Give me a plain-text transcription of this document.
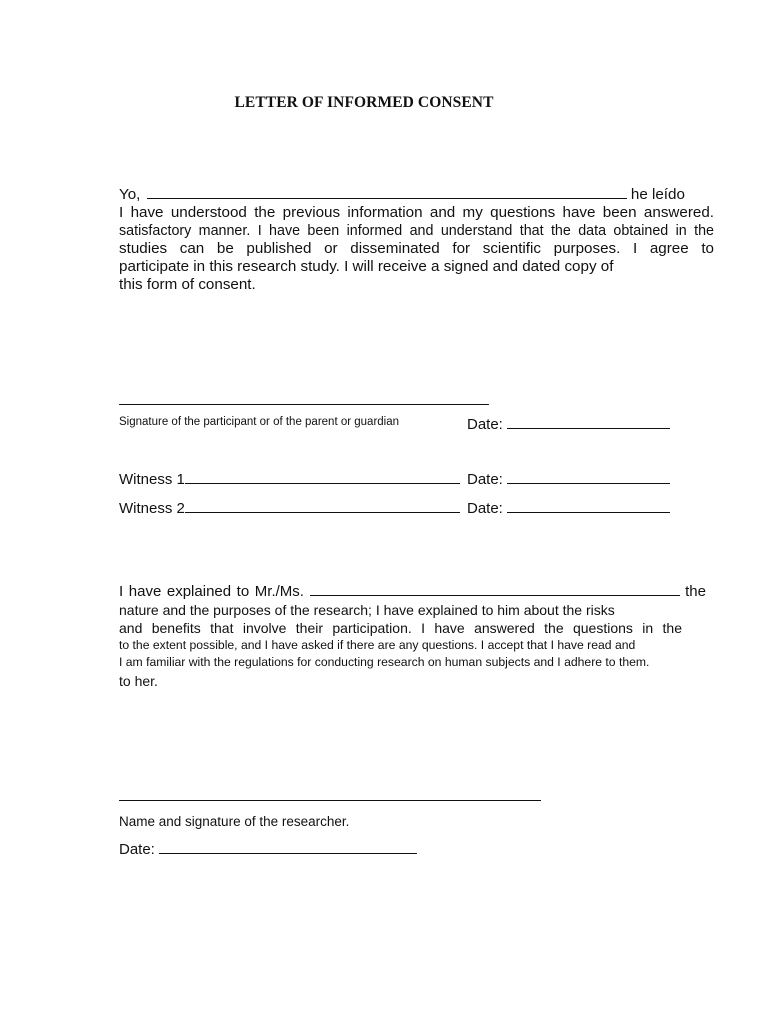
LETTER OF INFORMED CONSENT
Yo,	he leído
I have understood the previous information and my questions have been answered.
satisfactory manner. I have been informed and understand that the data obtained in the
studies can be published or disseminated for scientific purposes. I agree to
participate in this research study. I will receive a signed and dated copy of
this form of consent.
Signature of the participant or of the parent or guardian	Date:
Witness 1	Date:
Witness 2	Date:
I have explained to Mr./Ms.	the
nature and the purposes of the research; I have explained to him about the risks
and benefits that involve their participation. I have answered the questions in the
to the extent possible, and I have asked if there are any questions. I accept that I have read and
I am familiar with the regulations for conducting research on human subjects and I adhere to them.
to her.
Name and signature of the researcher.
Date:
